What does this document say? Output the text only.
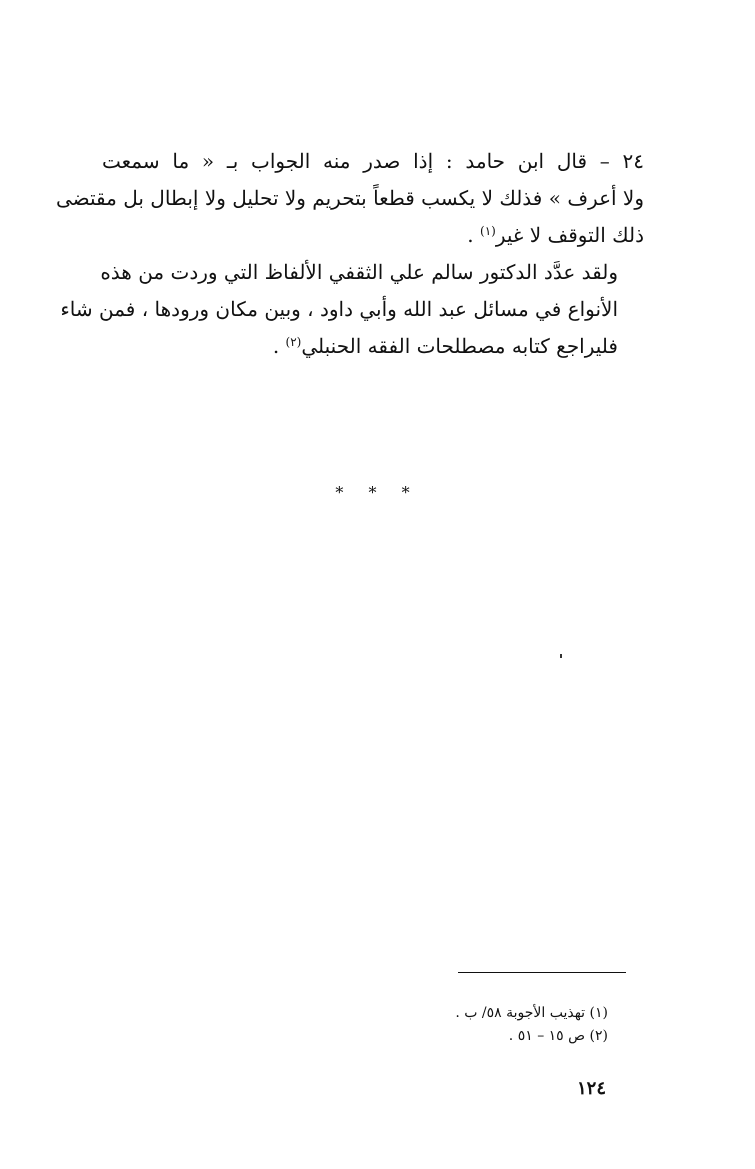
٢٤ – قال ابن حامد : إذا صدر منه الجواب بـ « ما سمعت
ولا أعرف » فذلك لا يكسب قطعاً بتحريم ولا تحليل ولا إبطال بل مقتضى
ذلك التوقف لا غير$^{(١)}$ .
ولقد عدَّد الدكتور سالم علي الثقفي الألفاظ التي وردت من هذه
الأنواع في مسائل عبد الله وأبي داود ، وبين مكان ورودها ، فمن شاء
فليراجع كتابه مصطلحات الفقه الحنبلي$^{(٢)}$ .
* * *
(١) تهذيب الأجوبة ٥٨/ ب .
(٢) ص ١٥ – ٥١ .
١٢٤
